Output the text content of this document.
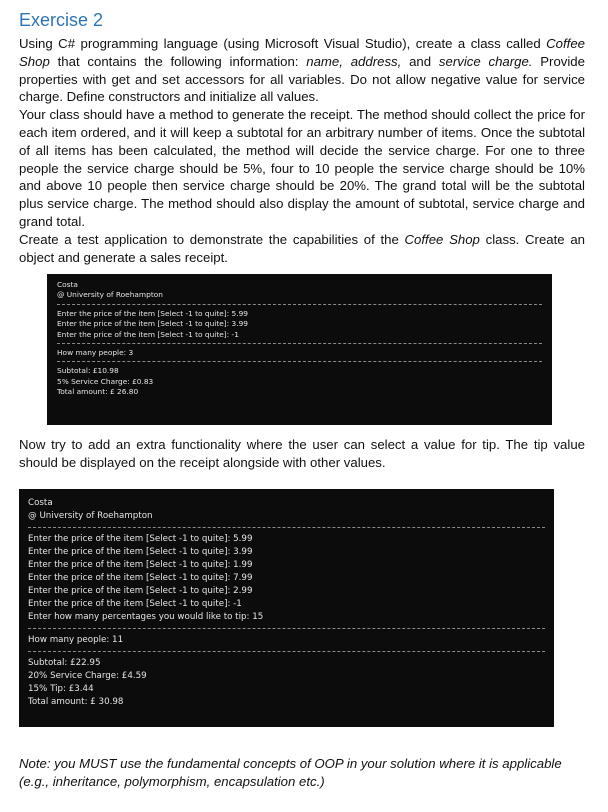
Exercise 2

Using C# programming language (using Microsoft Visual Studio), create a class called Coffee Shop that contains the following information: name, address, and service charge. Provide properties with get and set accessors for all variables. Do not allow negative value for service charge. Define constructors and initialize all values.

Your class should have a method to generate the receipt. The method should collect the price for each item ordered, and it will keep a subtotal for an arbitrary number of items. Once the subtotal of all items has been calculated, the method will decide the service charge. For one to three people the service charge should be 5%, four to 10 people the service charge should be 10% and above 10 people then service charge should be 20%. The grand total will be the subtotal plus service charge. The method should also display the amount of subtotal, service charge and grand total.

Create a test application to demonstrate the capabilities of the Coffee Shop class. Create an object and generate a sales receipt.

Costa
@ University of Roehampton
Enter the price of the item [Select -1 to quite]: 5.99
Enter the price of the item [Select -1 to quite]: 3.99
Enter the price of the item [Select -1 to quite]: -1
How many people: 3
Subtotal: £10.98
5% Service Charge: £0.83
Total amount: £ 26.80

Now try to add an extra functionality where the user can select a value for tip. The tip value should be displayed on the receipt alongside with other values.

Costa
@ University of Roehampton
Enter the price of the item [Select -1 to quite]: 5.99
Enter the price of the item [Select -1 to quite]: 3.99
Enter the price of the item [Select -1 to quite]: 1.99
Enter the price of the item [Select -1 to quite]: 7.99
Enter the price of the item [Select -1 to quite]: 2.99
Enter the price of the item [Select -1 to quite]: -1
Enter how many percentages you would like to tip: 15
How many people: 11
Subtotal: £22.95
20% Service Charge: £4.59
15% Tip: £3.44
Total amount: £ 30.98

Note: you MUST use the fundamental concepts of OOP in your solution where it is applicable (e.g., inheritance, polymorphism, encapsulation etc.)
